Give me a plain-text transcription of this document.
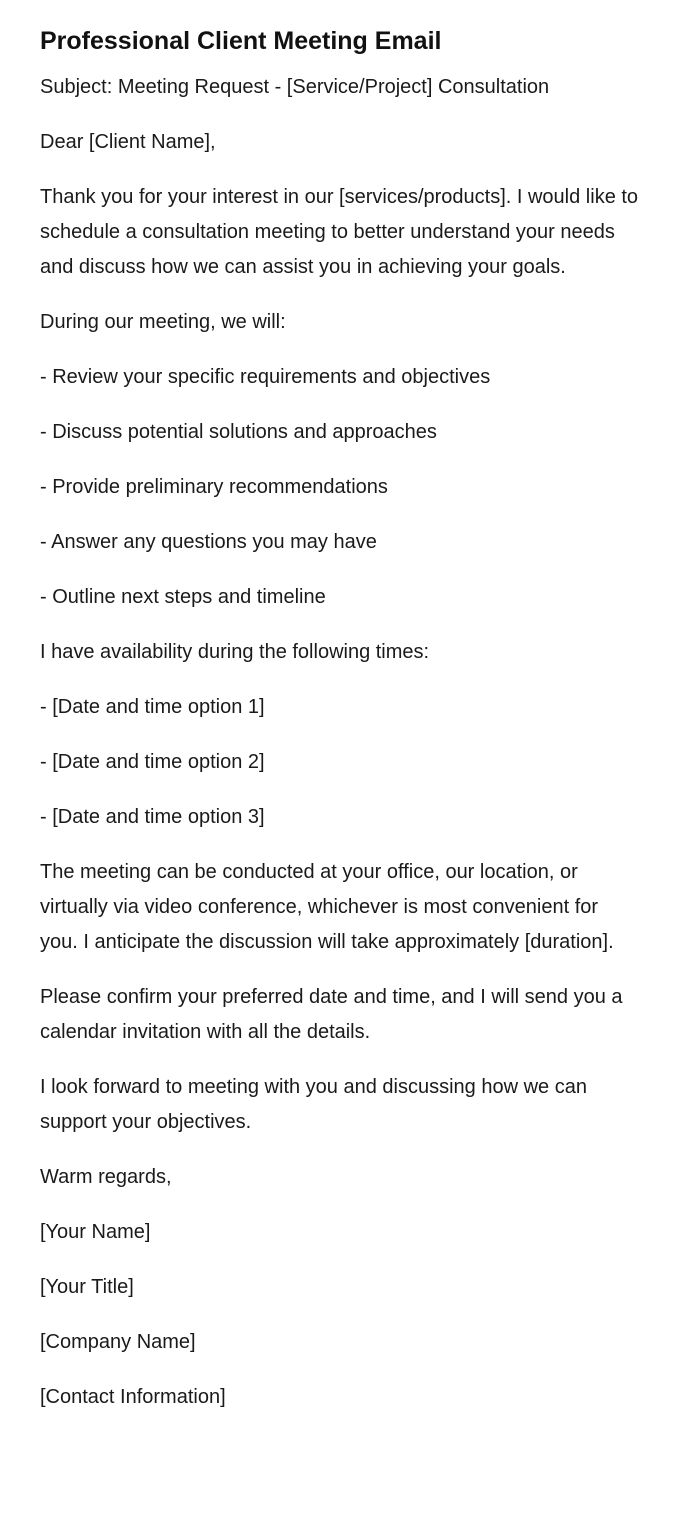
Professional Client Meeting Email

Subject: Meeting Request - [Service/Project] Consultation

Dear [Client Name],

Thank you for your interest in our [services/products]. I would like to schedule a consultation meeting to better understand your needs and discuss how we can assist you in achieving your goals.

During our meeting, we will:

- Review your specific requirements and objectives

- Discuss potential solutions and approaches

- Provide preliminary recommendations

- Answer any questions you may have

- Outline next steps and timeline

I have availability during the following times:

- [Date and time option 1]

- [Date and time option 2]

- [Date and time option 3]

The meeting can be conducted at your office, our location, or virtually via video conference, whichever is most convenient for you. I anticipate the discussion will take approximately [duration].

Please confirm your preferred date and time, and I will send you a calendar invitation with all the details.

I look forward to meeting with you and discussing how we can support your objectives.

Warm regards,

[Your Name]

[Your Title]

[Company Name]

[Contact Information]
